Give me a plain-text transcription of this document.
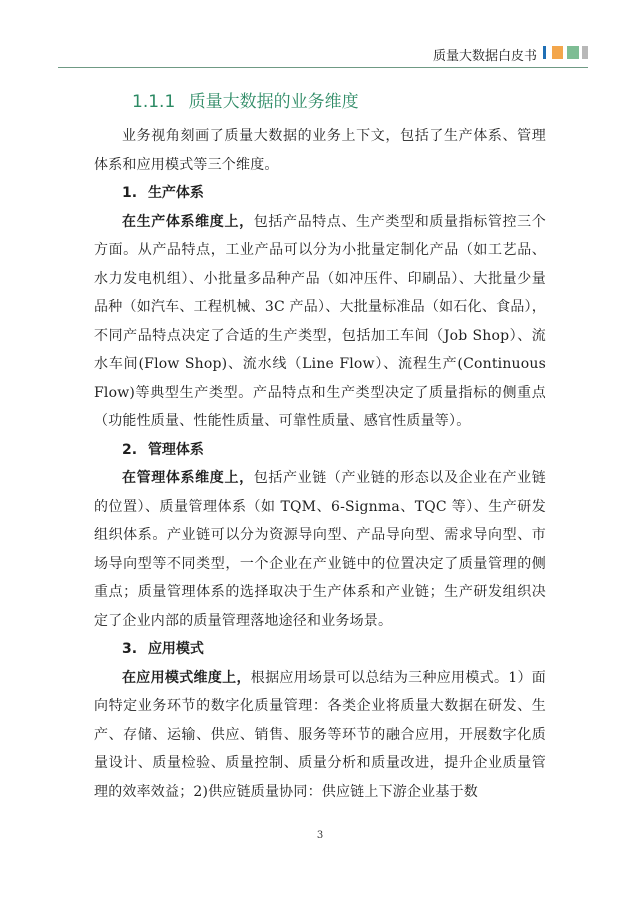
质量大数据白皮书
1.1.1 质量大数据的业务维度

业务视角刻画了质量大数据的业务上下文，包括了生产体系、管理体系和应用模式等三个维度。

1. 生产体系

在生产体系维度上，包括产品特点、生产类型和质量指标管控三个方面。从产品特点，工业产品可以分为小批量定制化产品（如工艺品、水力发电机组）、小批量多品种产品（如冲压件、印刷品）、大批量少量品种（如汽车、工程机械、3C 产品）、大批量标准品（如石化、食品），不同产品特点决定了合适的生产类型，包括加工车间（Job Shop）、流水车间(Flow Shop)、流水线（Line Flow）、流程生产(Continuous Flow)等典型生产类型。产品特点和生产类型决定了质量指标的侧重点（功能性质量、性能性质量、可靠性质量、感官性质量等）。

2. 管理体系

在管理体系维度上，包括产业链（产业链的形态以及企业在产业链的位置）、质量管理体系（如 TQM、6-Signma、TQC 等）、生产研发组织体系。产业链可以分为资源导向型、产品导向型、需求导向型、市场导向型等不同类型，一个企业在产业链中的位置决定了质量管理的侧重点；质量管理体系的选择取决于生产体系和产业链；生产研发组织决定了企业内部的质量管理落地途径和业务场景。

3. 应用模式

在应用模式维度上，根据应用场景可以总结为三种应用模式。1）面向特定业务环节的数字化质量管理：各类企业将质量大数据在研发、生产、存储、运输、供应、销售、服务等环节的融合应用，开展数字化质量设计、质量检验、质量控制、质量分析和质量改进，提升企业质量管理的效率效益；2)供应链质量协同：供应链上下游企业基于数

3
